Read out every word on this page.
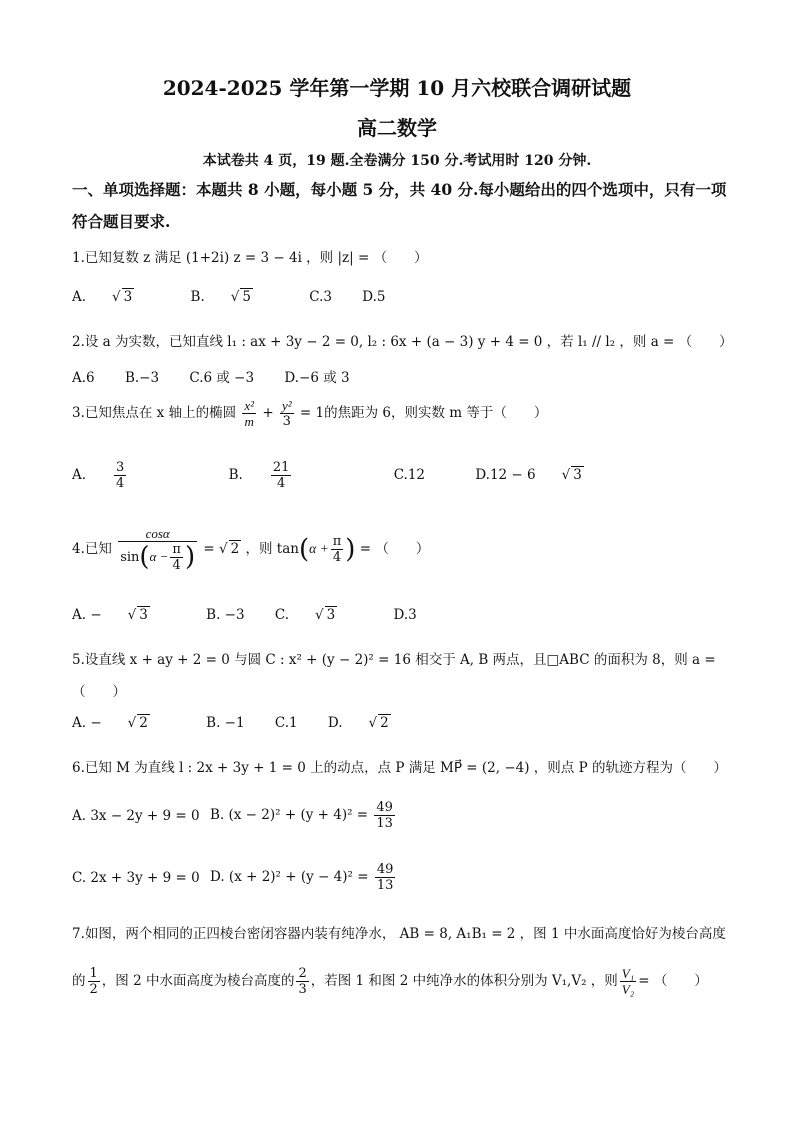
2024-2025 学年第一学期 10 月六校联合调研试题
高二数学
本试卷共 4 页，19 题.全卷满分 150 分.考试用时 120 分钟.
一、单项选择题：本题共 8 小题，每小题 5 分，共 40 分.每小题给出的四个选项中，只有一项
符合题目要求.
1.已知复数 z 满足 (1+2i) z = 3 − 4i ，则 |z| = （　　）
A. √ 3	B. √ 5	C.3 D.5
2.设 a 为实数，已知直线 l₁ : ax + 3y − 2 = 0, l₂ : 6x + (a − 3) y + 4 = 0 ，若 l₁ // l₂ ，则 a = （　　）
A.6 B.−3 C.6 或 −3 D.−6 或 3
3.已知焦点在 x 轴上的椭圆 $\frac{\text{x²}}{m} + \frac{\text{y²}}{3} = 1$的焦距为 6，则实数 m 等于（　　）
A. $\frac{3}{4}$	B. $\frac{21}{4}$	C.12	D.12 − 6 √ 3
4.已知 $\frac{\cos\alpha}{\sin(\alpha - \frac{\pi}{4} )}$ = √ 2 ，则 $\tan(\alpha + \frac{\pi}{4}$ ) = （　　）
A. − √ 3	B. −3 C. √ 3	D.3
5.设直线 x + ay + 2 = 0 与圆 C : x² + (y − 2)² = 16 相交于 A, B 两点，且□ABC 的面积为 8，则 a =
（　　）
A. − √ 2	B. −1 C.1 D. √ 2
6.已知 M 为直线 l : 2x + 3y + 1 = 0 上的动点，点 P 满足 MP⃗ = (2, −4) ，则点 P 的轨迹方程为（　　）
A. 3x − 2y + 9 = 0 B. $(x - 2)^2 + (y + 4)^2 = \frac{49}{13}$
C. 2x + 3y + 9 = 0 D. $(x + 2)^2 + (y - 4)^2 = \frac{49}{13}$
7.如图，两个相同的正四棱台密闭容器内装有纯净水， AB = 8, A₁B₁ = 2 ，图 1 中水面高度恰好为棱台高度
的 $\frac{1}{2}$ ，图 2 中水面高度为棱台高度的 $\frac{2}{3}$ ，若图 1 和图 2 中纯净水的体积分别为 V₁,V₂ ，则 $\frac{\text{V₁}}{\text{V₂}}$ = （　　）
